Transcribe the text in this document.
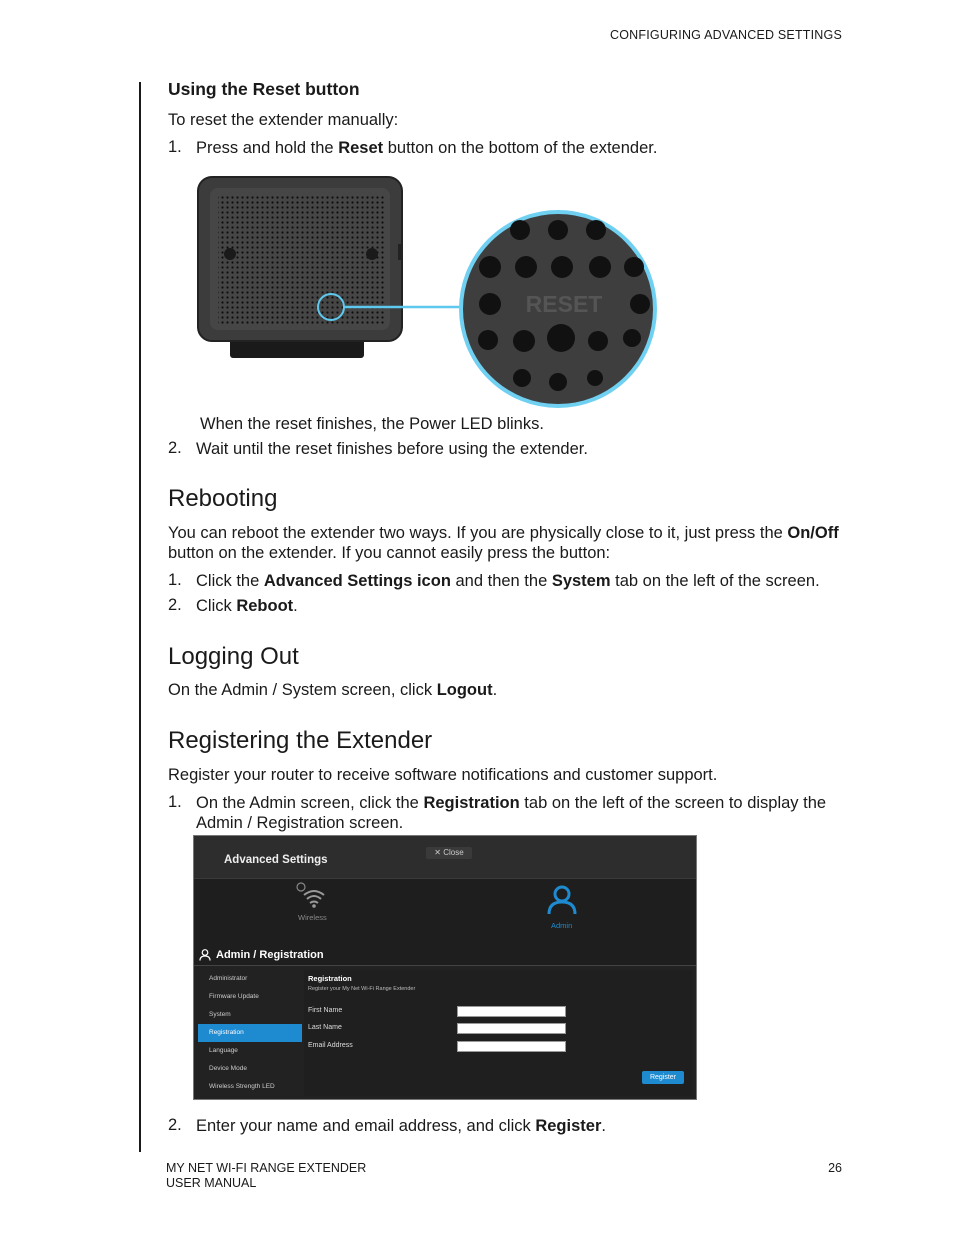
CONFIGURING ADVANCED SETTINGS
Using the Reset button
To reset the extender manually:
1. Press and hold the Reset button on the bottom of the extender.
RESET
When the reset finishes, the Power LED blinks.
2. Wait until the reset finishes before using the extender.
Rebooting
You can reboot the extender two ways. If you are physically close to it, just press the On/Off
button on the extender. If you cannot easily press the button:
1. Click the Advanced Settings icon and then the System tab on the left of the screen.
2. Click Reboot.
Logging Out
On the Admin / System screen, click Logout.
Registering the Extender
Register your router to receive software notifications and customer support.
1. On the Admin screen, click the Registration tab on the left of the screen to display the
Admin / Registration screen.
Advanced Settings
✕ Close
Wireless
Admin
Admin / Registration
Administrator
Firmware Update
System
Registration
Language
Device Mode
Wireless Strength LED
Registration
Register your My Net Wi-Fi Range Extender
First Name
Last Name
Email Address
Register
2. Enter your name and email address, and click Register.
MY NET WI-FI RANGE EXTENDER
USER MANUAL
26
